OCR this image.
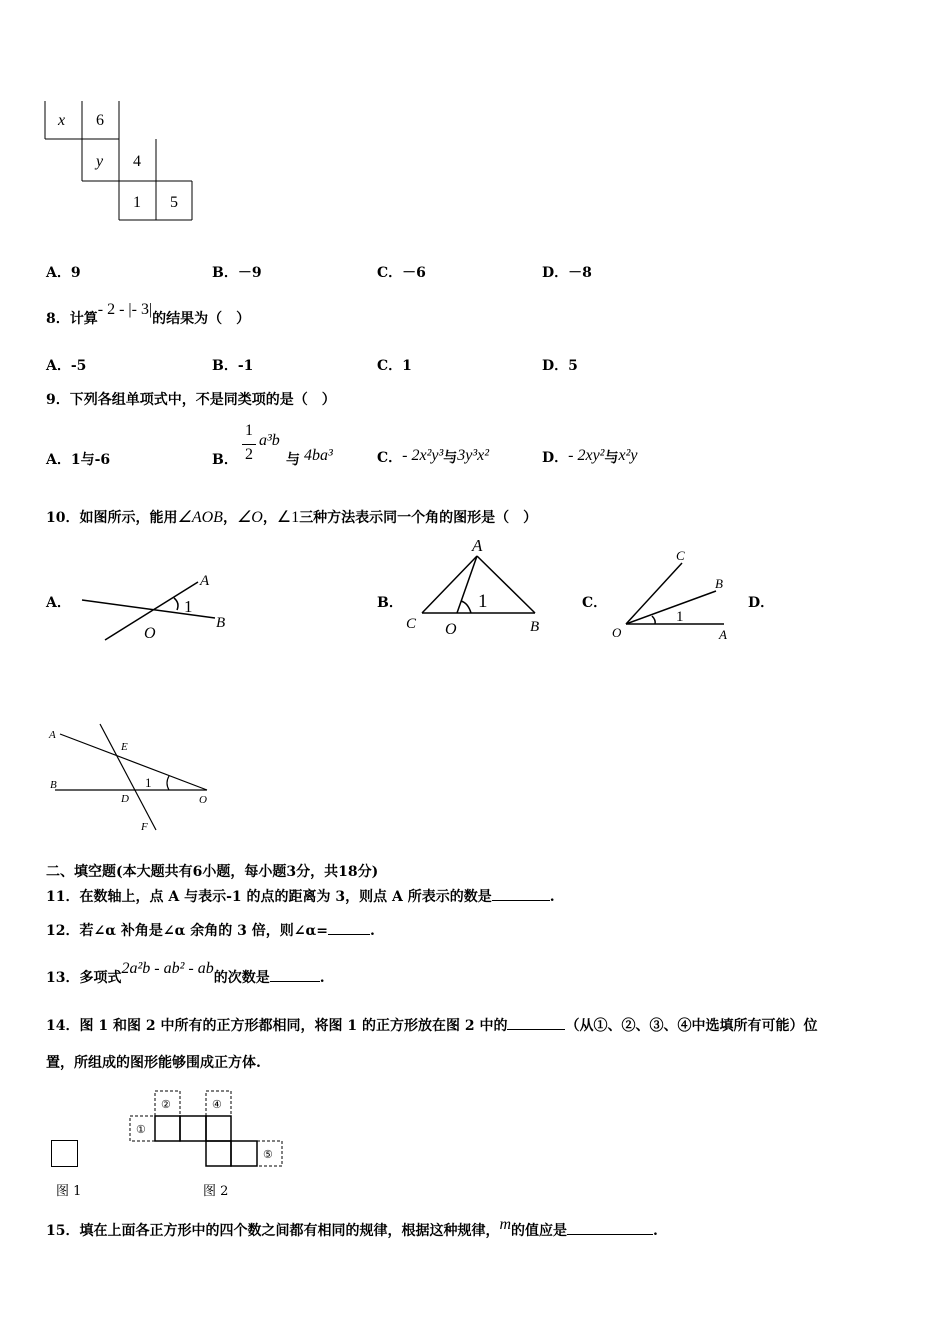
x 6
y 4
1 5
A．9	B．－9	C．－6	D．－8
8．计算- 2 - |- 3|的结果为（　）
A．-5	B．-1	C．1	D．5
9．下列各组单项式中，不是同类项的是（　）
A．1与-6	B．
1
2
a³b
与 4ba³	C．- 2x²y³与3y³x²	D．- 2xy²与x²y
10．如图所示，能用∠AOB，∠O，∠1三种方法表示同一个角的图形是（　）
A．	B．	C．	D．
A
1
B
O
A
1
C O	B
C
B
1
O	A
A
E
B	1
D	O
F
二、填空题(本大题共有6小题，每小题3分，共18分)
11．在数轴上，点 A 与表示-1 的点的距离为 3，则点 A 所表示的数是	.
12．若∠α 补角是∠α 余角的 3 倍，则∠α=	.
13．多项式2a²b - ab² - ab的次数是	.
14．图 1 和图 2 中所有的正方形都相同，将图 1 的正方形放在图 2 中的	（从①、②、③、④中选填所有可能）位
置，所组成的图形能够围成正方体.
图 1
①
②	④
⑤
图 2
15．填在上面各正方形中的四个数之间都有相同的规律，根据这种规律，m的值应是	.
